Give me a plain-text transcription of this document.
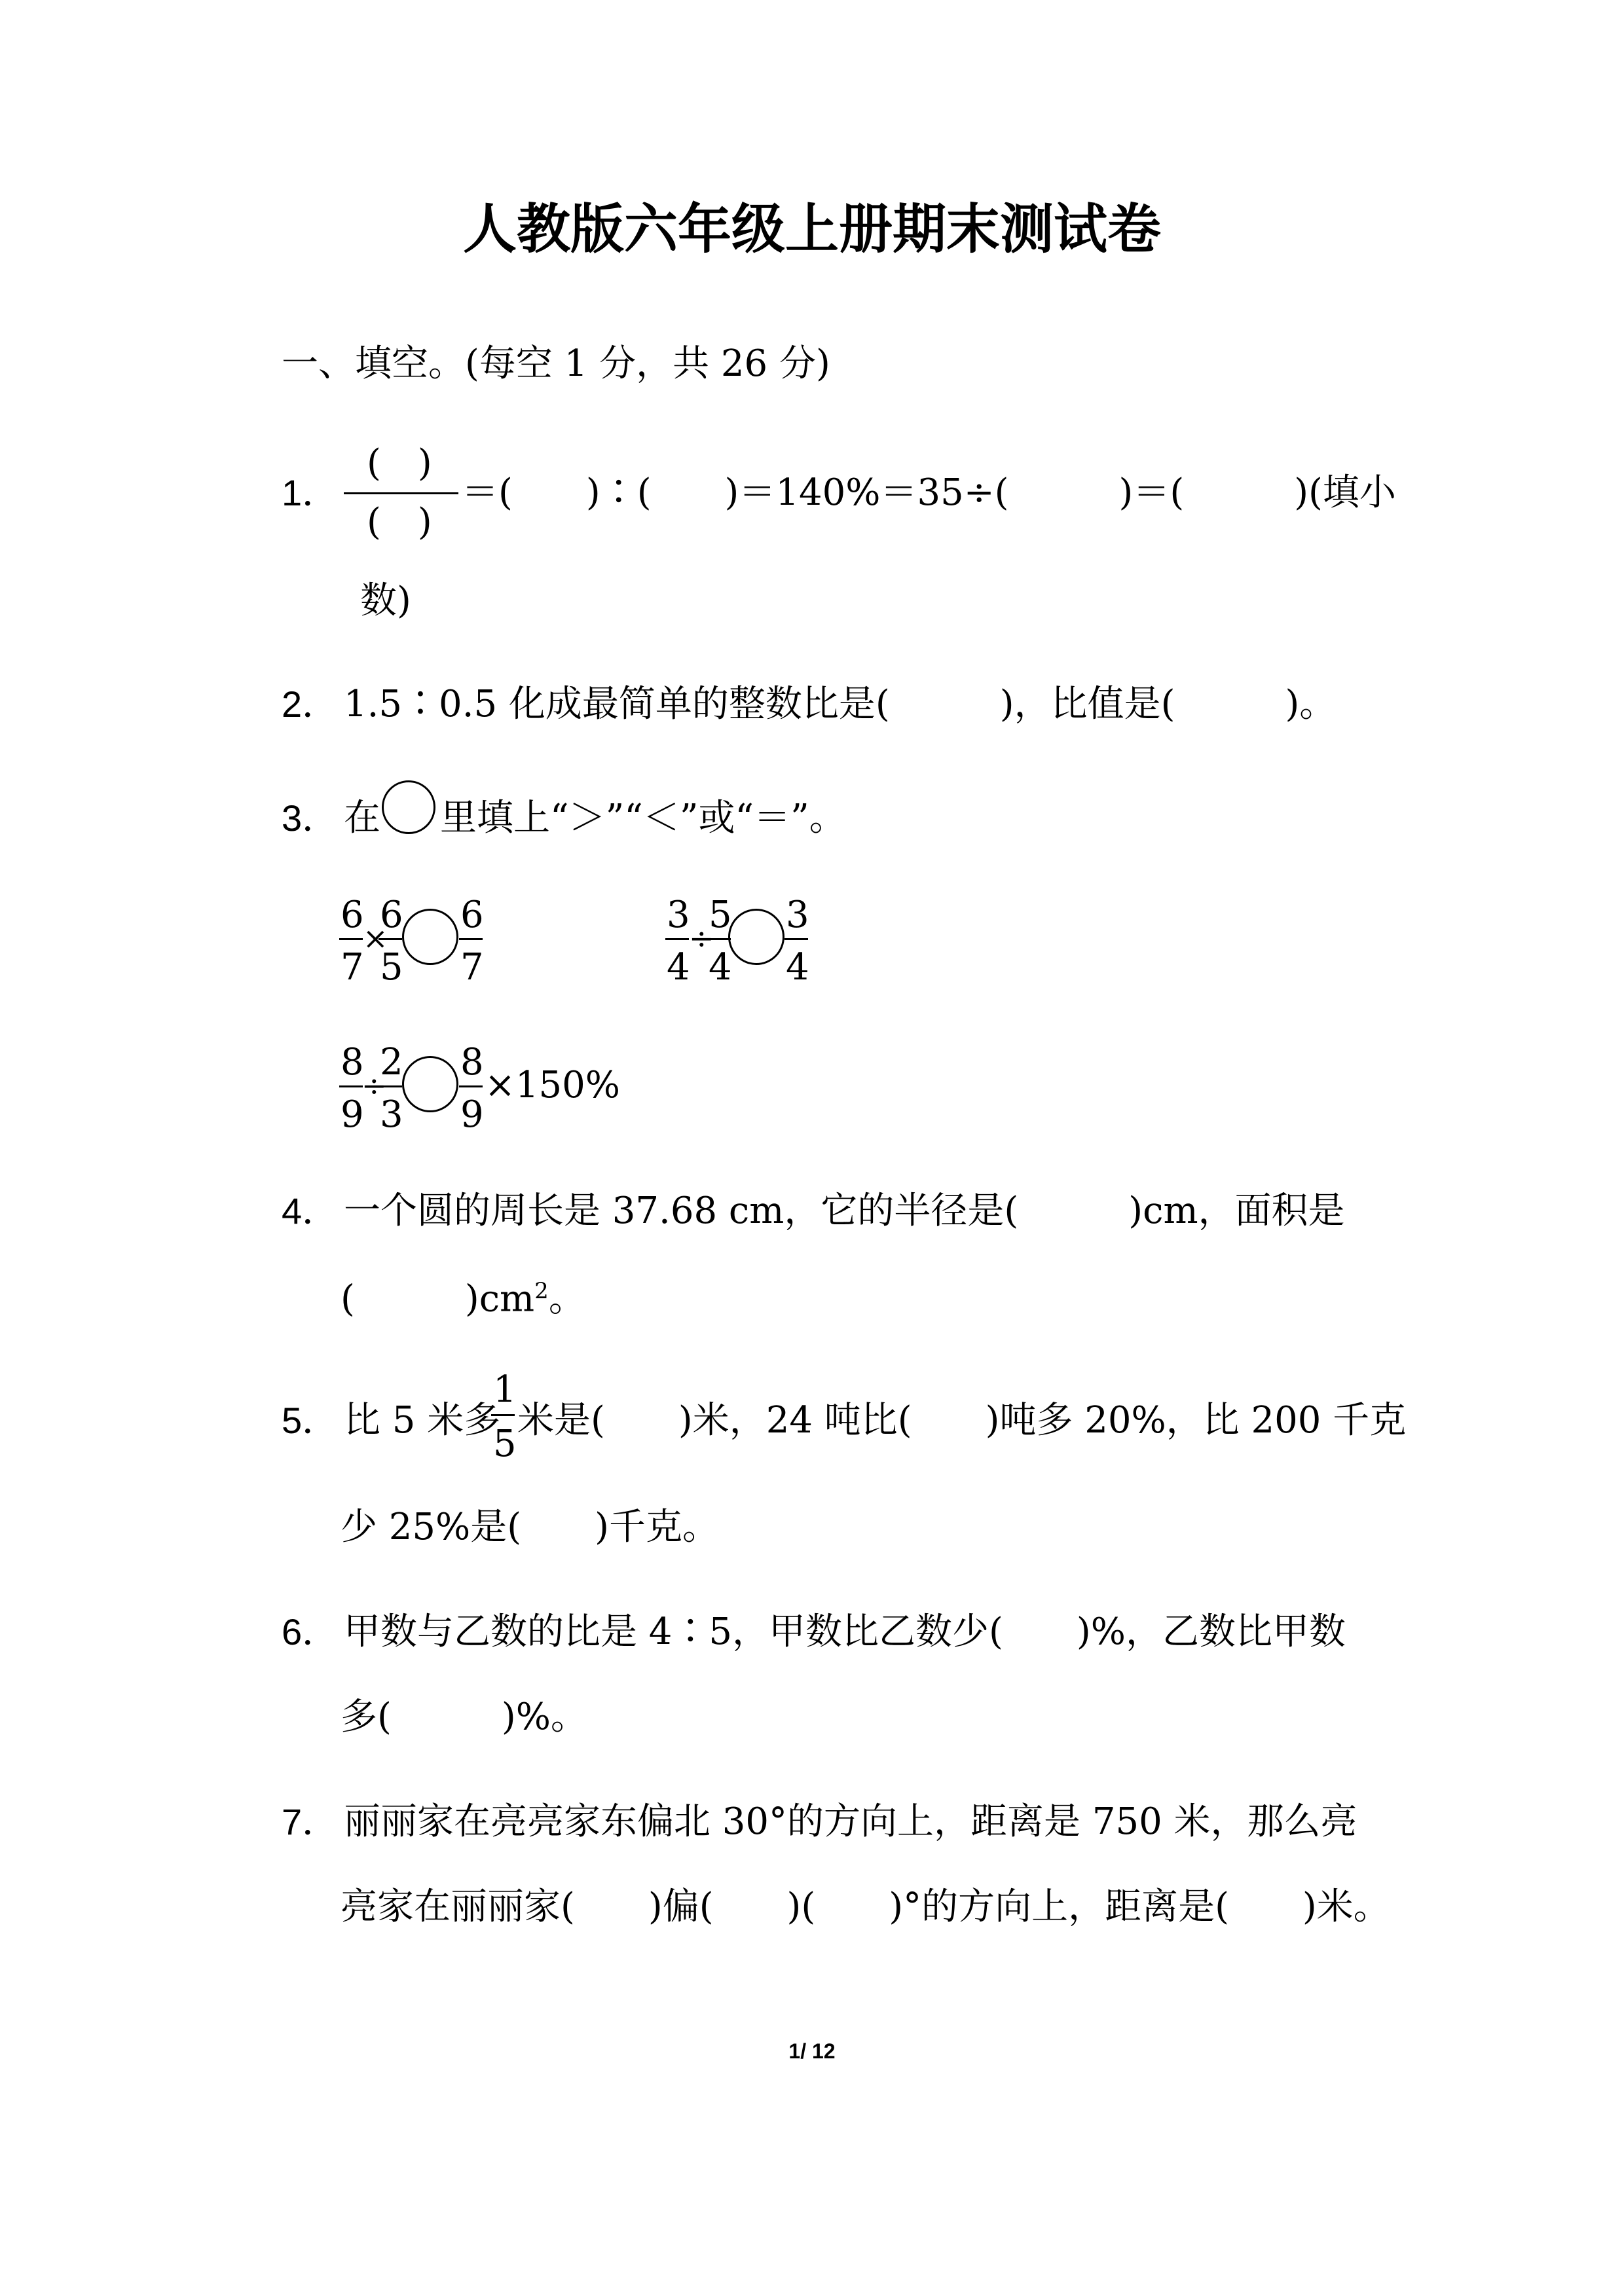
人教版六年级上册期末测试卷
一、填空。(每空 1 分，共 26 分)
1．
(　)
(　)
＝(　　)∶(　　)＝140%＝35÷(　　　)＝(　　　)(填小
数)
2． 1.5∶0.5 化成最简单的整数比是(　　　)，比值是(　　　)。
3． 在 里填上“＞”“＜”或“＝”。
6
7
×
6
5
6
7
3
4
÷
5
4
3
4
8
9
÷
2
3
8
9
×150%
4． 一个圆的周长是 37.68 cm，它的半径是(　　　)cm，面积是
(　　　)$cm^2$。
5． 比 5 米多
1
5
米是(　　)米，24 吨比(　　)吨多 20%，比 200 千克
少 25%是(　　)千克。
6． 甲数与乙数的比是 4∶5，甲数比乙数少(　　)%，乙数比甲数
多(　　　)%。
7． 丽丽家在亮亮家东偏北 30°的方向上，距离是 750 米，那么亮
亮家在丽丽家(　　)偏(　　)(　　)°的方向上，距离是(　　)米。
1/ 12
